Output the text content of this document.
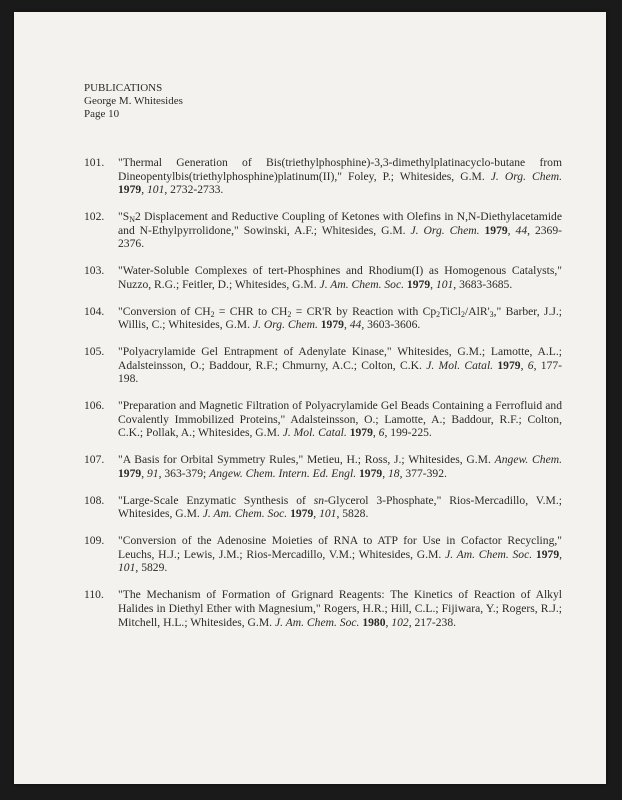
PUBLICATIONS
George M. Whitesides
Page 10
101.	"Thermal Generation of Bis(triethylphosphine)-3,3-dimethylplatinacyclo-butane from Dineopentylbis(triethylphosphine)platinum(II)," Foley, P.; Whitesides, G.M. J. Org. Chem. 1979, 101, 2732-2733.
102.	"$S_N2$ Displacement and Reductive Coupling of Ketones with Olefins in N,N-Diethylacetamide and N-Ethylpyrrolidone," Sowinski, A.F.; Whitesides, G.M. J. Org. Chem. 1979, 44, 2369-2376.
103.	"Water-Soluble Complexes of tert-Phosphines and Rhodium(I) as Homogenous Catalysts," Nuzzo, R.G.; Feitler, D.; Whitesides, G.M. J. Am. Chem. Soc. 1979, 101, 3683-3685.
104.	"Conversion of $CH_2$ = CHR to $CH_2 = CR'R$ by Reaction with $Cp_2TiCl_2/AlR'_3$," Barber, J.J.; Willis, C.; Whitesides, G.M. J. Org. Chem. 1979, 44, 3603-3606.
105.	"Polyacrylamide Gel Entrapment of Adenylate Kinase," Whitesides, G.M.; Lamotte, A.L.; Adalsteinsson, O.; Baddour, R.F.; Chmurny, A.C.; Colton, C.K. J. Mol. Catal. 1979, 6, 177-198.
106.	"Preparation and Magnetic Filtration of Polyacrylamide Gel Beads Containing a Ferrofluid and Covalently Immobilized Proteins," Adalsteinsson, O.; Lamotte, A.; Baddour, R.F.; Colton, C.K.; Pollak, A.; Whitesides, G.M. J. Mol. Catal. 1979, 6, 199-225.
107.	"A Basis for Orbital Symmetry Rules," Metieu, H.; Ross, J.; Whitesides, G.M. Angew. Chem. 1979, 91, 363-379; Angew. Chem. Intern. Ed. Engl. 1979, 18, 377-392.
108.	"Large-Scale Enzymatic Synthesis of sn-Glycerol 3-Phosphate," Rios-Mercadillo, V.M.; Whitesides, G.M. J. Am. Chem. Soc. 1979, 101, 5828.
109.	"Conversion of the Adenosine Moieties of RNA to ATP for Use in Cofactor Recycling," Leuchs, H.J.; Lewis, J.M.; Rios-Mercadillo, V.M.; Whitesides, G.M. J. Am. Chem. Soc. 1979, 101, 5829.
110.	"The Mechanism of Formation of Grignard Reagents: The Kinetics of Reaction of Alkyl Halides in Diethyl Ether with Magnesium," Rogers, H.R.; Hill, C.L.; Fijiwara, Y.; Rogers, R.J.; Mitchell, H.L.; Whitesides, G.M. J. Am. Chem. Soc. 1980, 102, 217-238.
